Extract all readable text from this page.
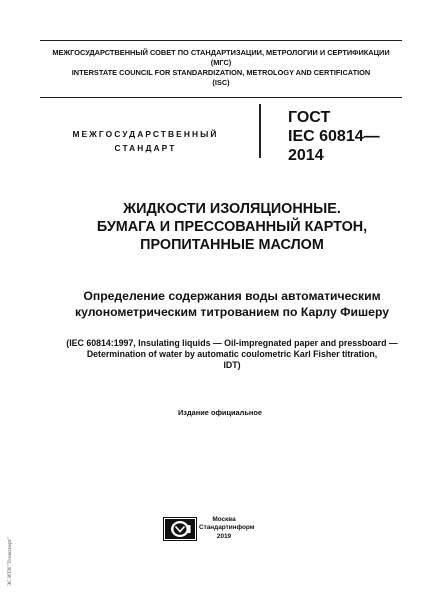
МЕЖГОСУДАРСТВЕННЫЙ СОВЕТ ПО СТАНДАРТИЗАЦИИ, МЕТРОЛОГИИ И СЕРТИФИКАЦИИ
(МГС)
INTERSTATE COUNCIL FOR STANDARDIZATION, METROLOGY AND CERTIFICATION
(ISC)
МЕЖГОСУДАРСТВЕННЫЙ
СТАНДАРТ
ГОСТ
IEC 60814—
2014
ЖИДКОСТИ ИЗОЛЯЦИОННЫЕ.
БУМАГА И ПРЕССОВАННЫЙ КАРТОН,
ПРОПИТАННЫЕ МАСЛОМ
Определение содержания воды автоматическим
кулонометрическим титрованием по Карлу Фишеру
(IEC 60814:1997, Insulating liquids — Oil-impregnated paper and pressboard —
Determination of water by automatic coulometric Karl Fisher titration,
IDT)
Издание официальное
Москва
Стандартинформ
2019
ЭС ИТИ "Техэксперт"
